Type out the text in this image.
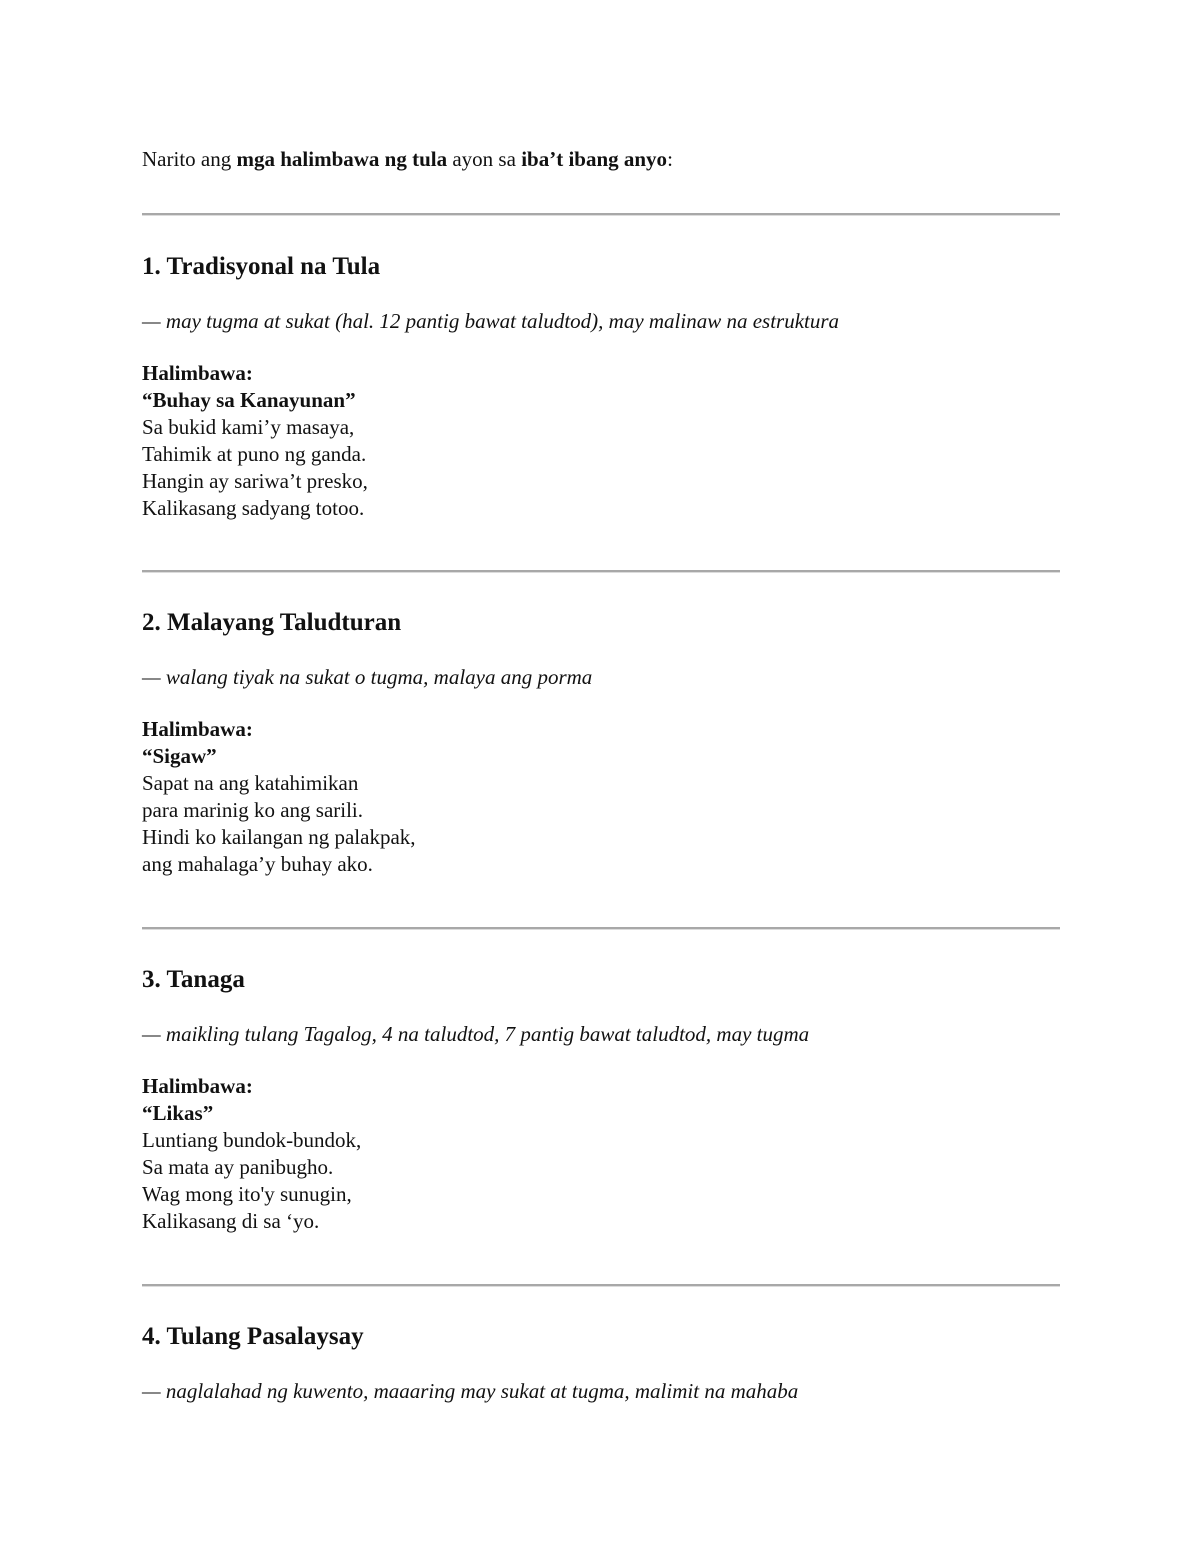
Narito ang mga halimbawa ng tula ayon sa iba’t ibang anyo:
1. Tradisyonal na Tula
— may tugma at sukat (hal. 12 pantig bawat taludtod), may malinaw na estruktura
Halimbawa:
“Buhay sa Kanayunan”
Sa bukid kami’y masaya,
Tahimik at puno ng ganda.
Hangin ay sariwa’t presko,
Kalikasang sadyang totoo.
2. Malayang Taludturan
— walang tiyak na sukat o tugma, malaya ang porma
Halimbawa:
“Sigaw”
Sapat na ang katahimikan
para marinig ko ang sarili.
Hindi ko kailangan ng palakpak,
ang mahalaga’y buhay ako.
3. Tanaga
— maikling tulang Tagalog, 4 na taludtod, 7 pantig bawat taludtod, may tugma
Halimbawa:
“Likas”
Luntiang bundok-bundok,
Sa mata ay panibugho.
Wag mong ito'y sunugin,
Kalikasang di sa ‘yo.
4. Tulang Pasalaysay
— naglalahad ng kuwento, maaaring may sukat at tugma, malimit na mahaba
